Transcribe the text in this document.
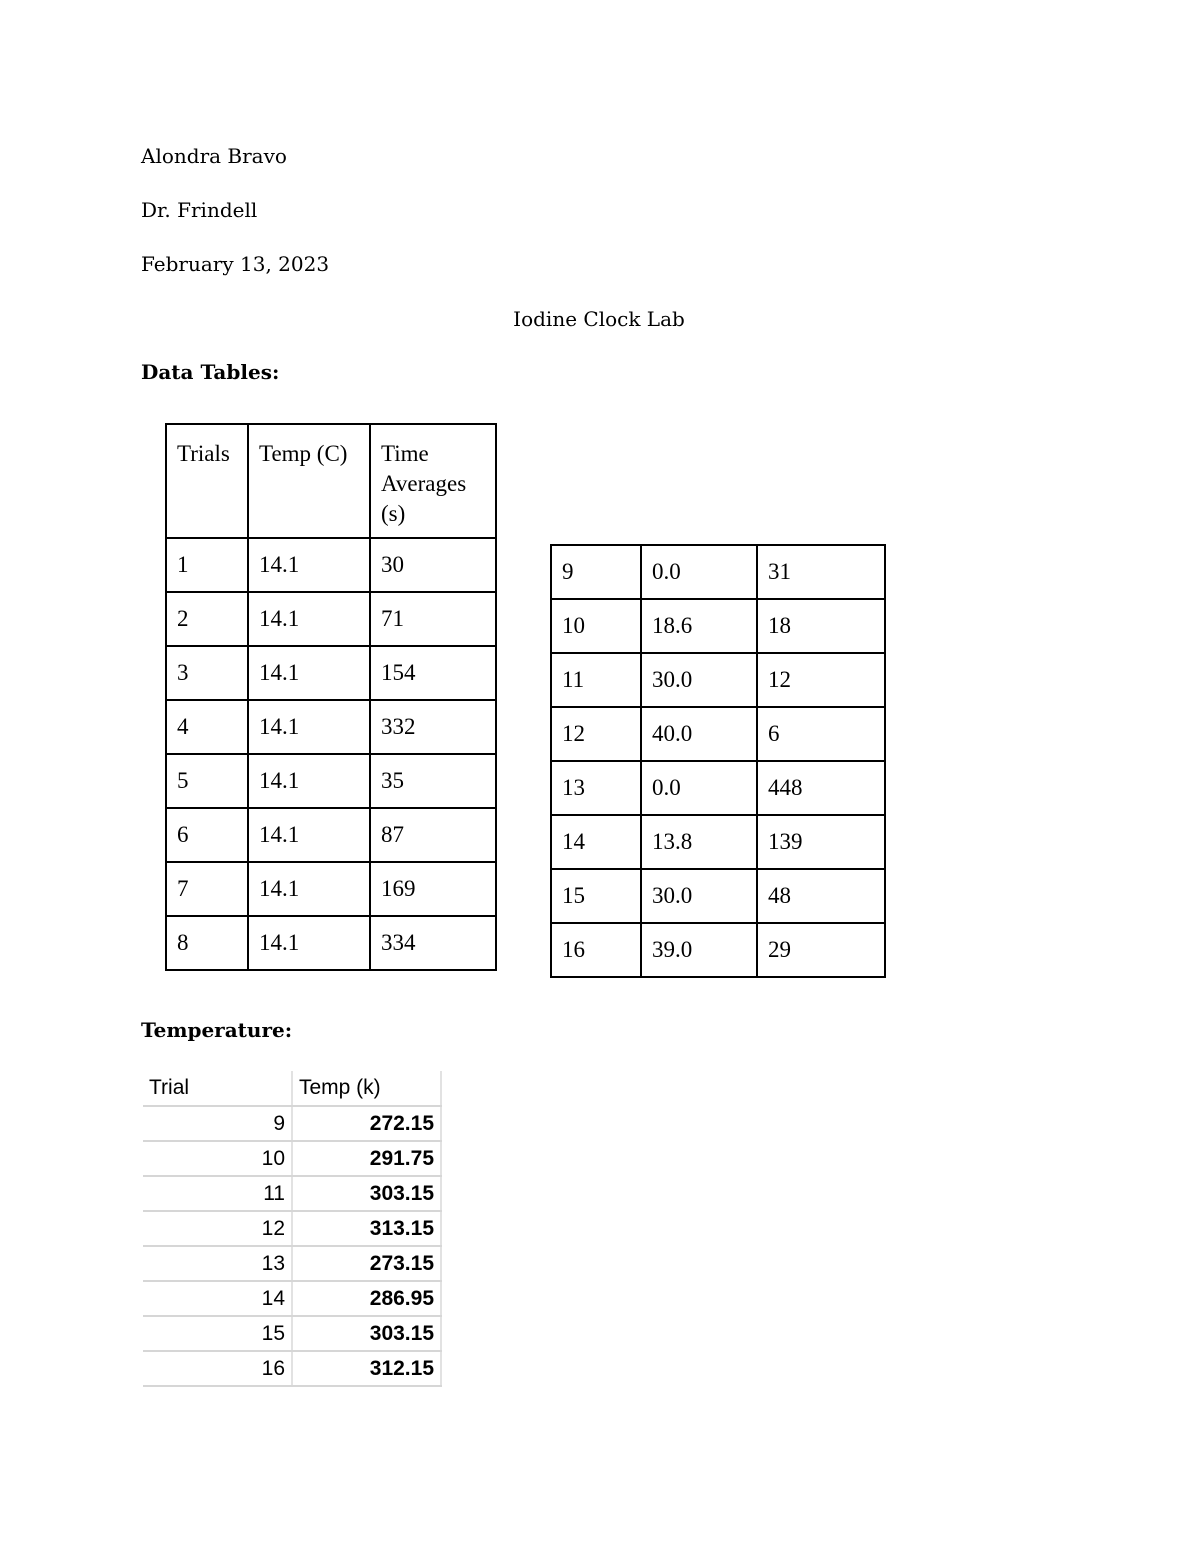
Alondra Bravo
Dr. Frindell
February 13, 2023
Iodine Clock Lab
Data Tables:
Trials	Temp (C)	Time Averages (s)
1	14.1	30
2	14.1	71
3	14.1	154
4	14.1	332
5	14.1	35
6	14.1	87
7	14.1	169
8	14.1	334
9	0.0	31
10	18.6	18
11	30.0	12
12	40.0	6
13	0.0	448
14	13.8	139
15	30.0	48
16	39.0	29
Temperature:
Trial	Temp (k)
9	272.15
10	291.75
11	303.15
12	313.15
13	273.15
14	286.95
15	303.15
16	312.15
